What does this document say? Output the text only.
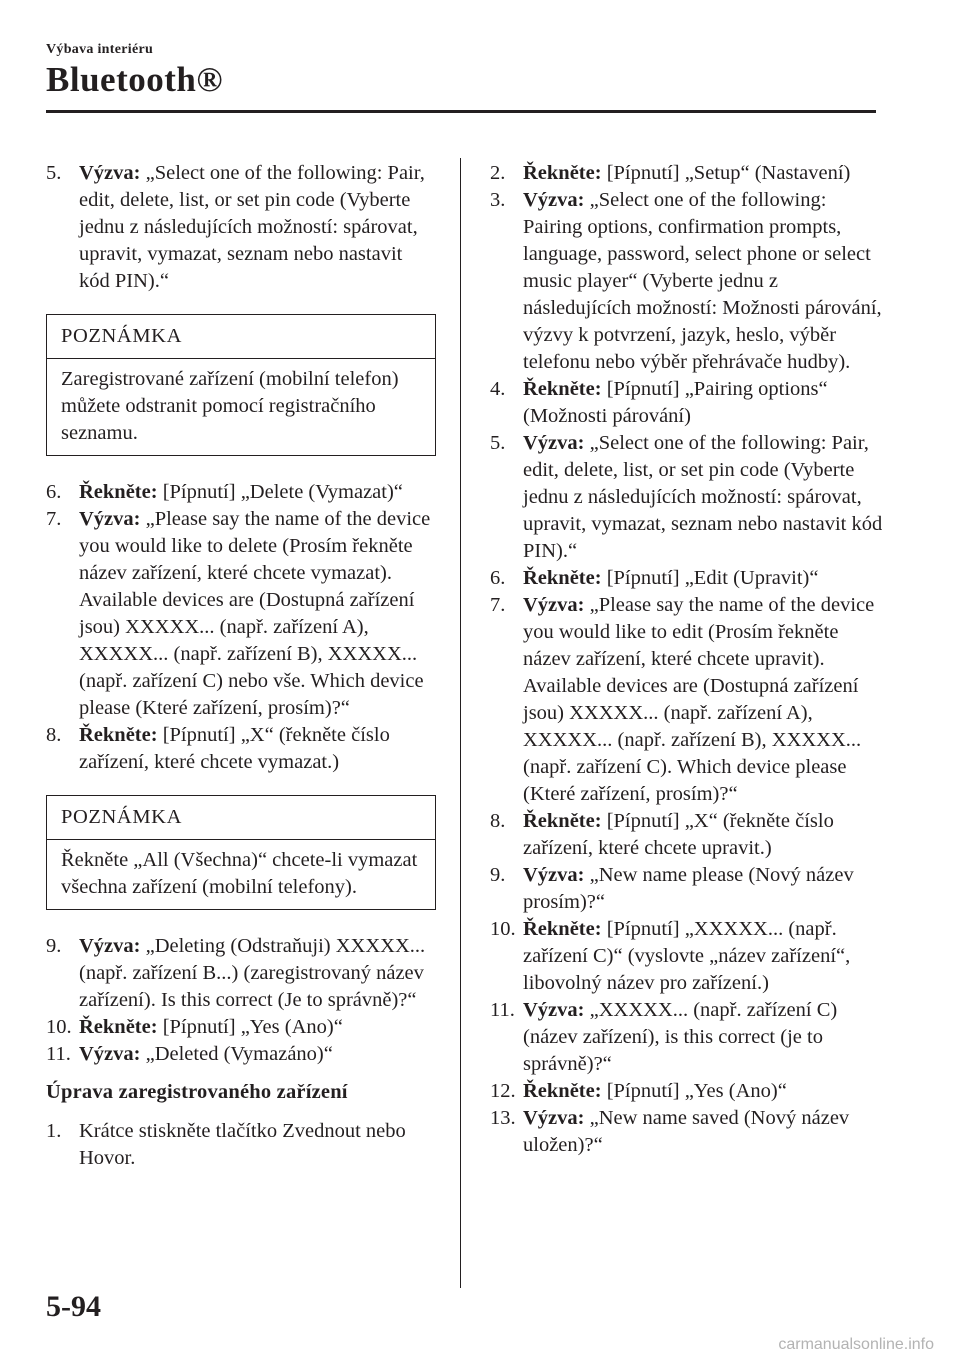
Výbava interiéru
Bluetooth®

5. Výzva: „Select one of the following: Pair, edit, delete, list, or set pin code (Vyberte jednu z následujících možností: spárovat, upravit, vymazat, seznam nebo nastavit kód PIN).“

POZNÁMKA
Zaregistrované zařízení (mobilní telefon) můžete odstranit pomocí registračního seznamu.

6. Řekněte: [Pípnutí] „Delete (Vymazat)“

7. Výzva: „Please say the name of the device you would like to delete (Prosím řekněte název zařízení, které chcete vymazat). Available devices are (Dostupná zařízení jsou) XXXXX... (např. zařízení A), XXXXX... (např. zařízení B), XXXXX... (např. zařízení C) nebo vše. Which device please (Které zařízení, prosím)?“

8. Řekněte: [Pípnutí] „X“ (řekněte číslo zařízení, které chcete vymazat.)

POZNÁMKA
Řekněte „All (Všechna)“ chcete-li vymazat všechna zařízení (mobilní telefony).

9. Výzva: „Deleting (Odstraňuji) XXXXX... (např. zařízení B...) (zaregistrovaný název zařízení). Is this correct (Je to správně)?“

10. Řekněte: [Pípnutí] „Yes (Ano)“

11. Výzva: „Deleted (Vymazáno)“

Úprava zaregistrovaného zařízení

1. Krátce stiskněte tlačítko Zvednout nebo Hovor.

2. Řekněte: [Pípnutí] „Setup“ (Nastavení)

3. Výzva: „Select one of the following: Pairing options, confirmation prompts, language, password, select phone or select music player“ (Vyberte jednu z následujících možností: Možnosti párování, výzvy k potvrzení, jazyk, heslo, výběr telefonu nebo výběr přehrávače hudby).

4. Řekněte: [Pípnutí] „Pairing options“ (Možnosti párování)

5. Výzva: „Select one of the following: Pair, edit, delete, list, or set pin code (Vyberte jednu z následujících možností: spárovat, upravit, vymazat, seznam nebo nastavit kód PIN).“

6. Řekněte: [Pípnutí] „Edit (Upravit)“

7. Výzva: „Please say the name of the device you would like to edit (Prosím řekněte název zařízení, které chcete upravit). Available devices are (Dostupná zařízení jsou) XXXXX... (např. zařízení A), XXXXX... (např. zařízení B), XXXXX... (např. zařízení C). Which device please (Které zařízení, prosím)?“

8. Řekněte: [Pípnutí] „X“ (řekněte číslo zařízení, které chcete upravit.)

9. Výzva: „New name please (Nový název prosím)?“

10. Řekněte: [Pípnutí] „XXXXX... (např. zařízení C)“ (vyslovte „název zařízení“, libovolný název pro zařízení.)

11. Výzva: „XXXXX... (např. zařízení C) (název zařízení), is this correct (je to správně)?“

12. Řekněte: [Pípnutí] „Yes (Ano)“

13. Výzva: „New name saved (Nový název uložen)?“

5-94
carmanualsonline.info
